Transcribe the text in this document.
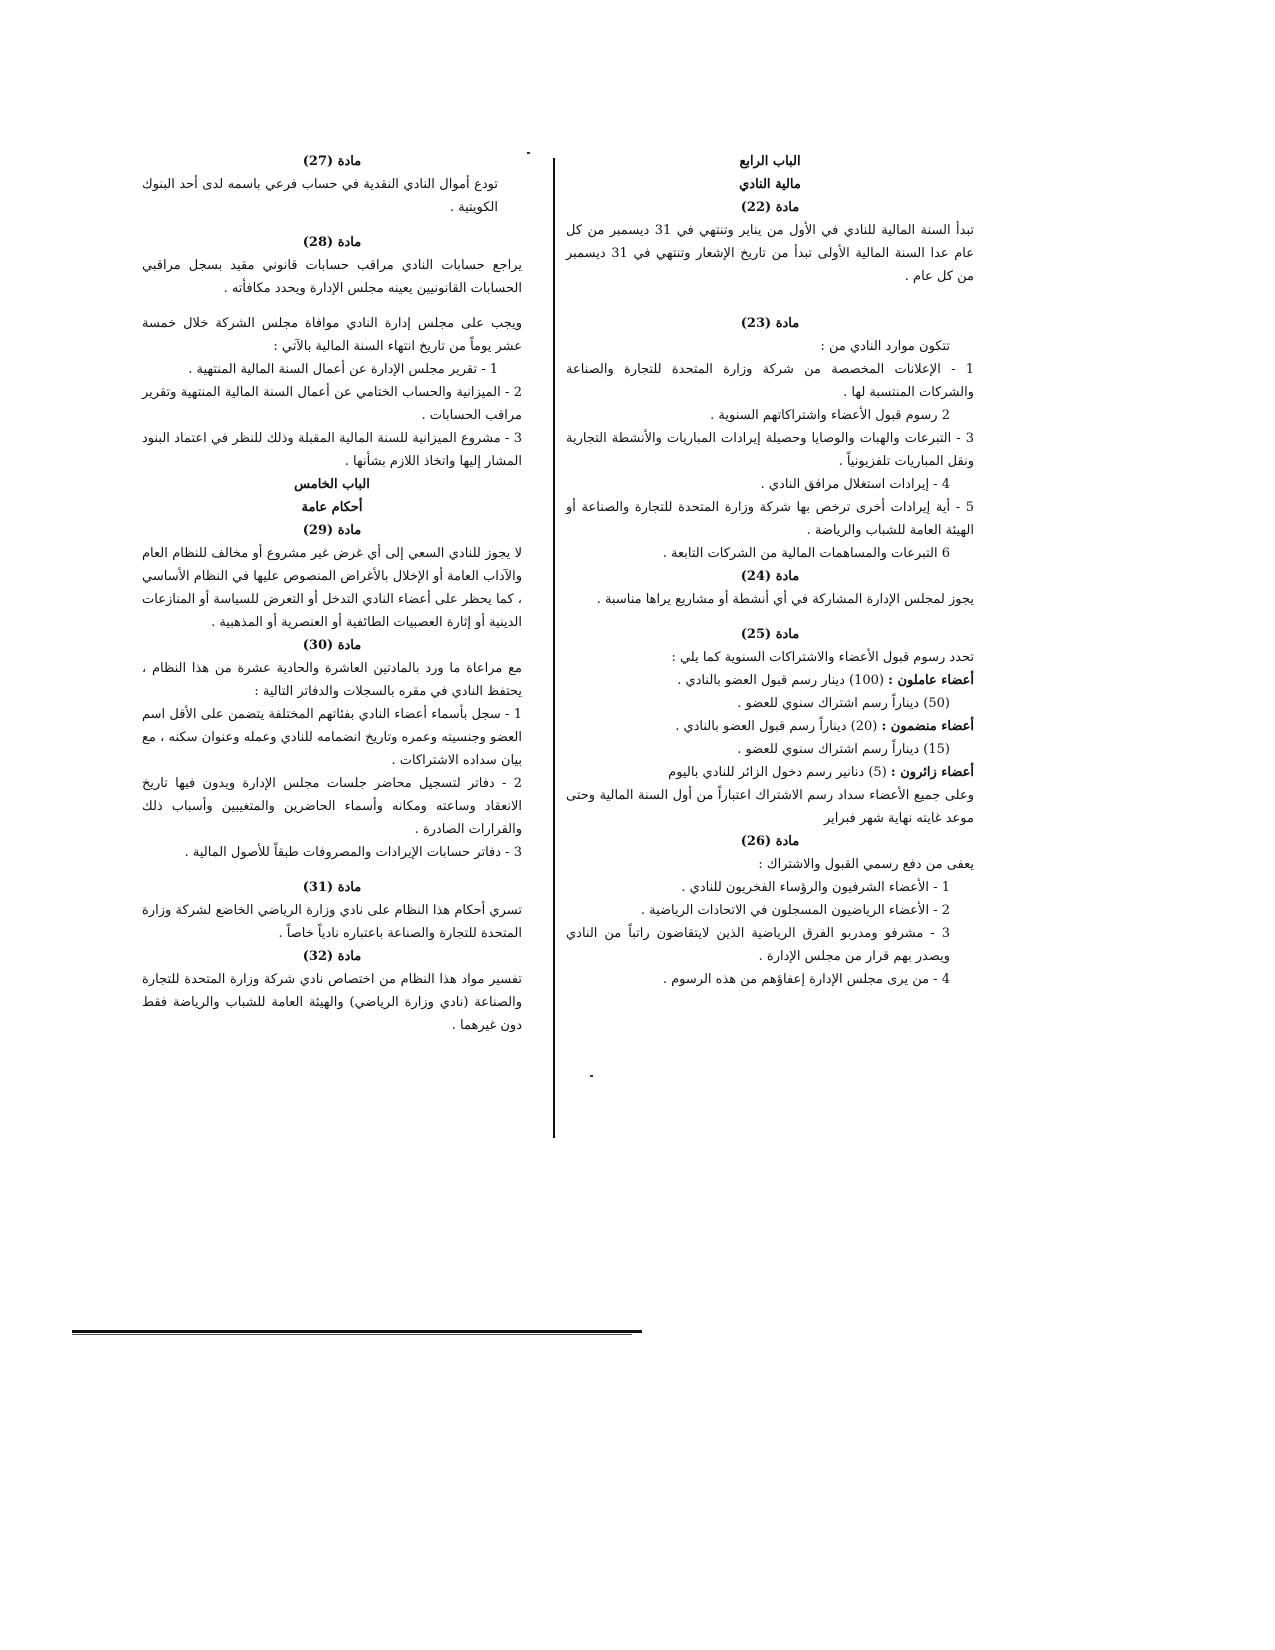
الباب الرابع

مالية النادي

مادة (22)

تبدأ السنة المالية للنادي في الأول من يناير وتنتهي في 31 ديسمبر من كل عام عدا السنة المالية الأولى تبدأ من تاريخ الإشعار وتنتهي في 31 ديسمبر من كل عام .

مادة (23)

تتكون موارد النادي من :

1 - الإعلانات المخصصة من شركة وزارة المتحدة للتجارة والصناعة والشركات المنتسبة لها .

2 رسوم قبول الأعضاء واشتراكاتهم السنوية .

3 - التبرعات والهبات والوصايا وحصيلة إيرادات المباريات والأنشطة التجارية ونقل المباريات تلفزيونياً .

4 - إيرادات استغلال مرافق النادي .

5 - أية إيرادات أخرى ترخص بها شركة وزارة المتحدة للتجارة والصناعة أو الهيئة العامة للشباب والرياضة .

6 التبرعات والمساهمات المالية من الشركات التابعة .

مادة (24)

يجوز لمجلس الإدارة المشاركة في أي أنشطة أو مشاريع يراها مناسبة .

مادة (25)

تحدد رسوم قبول الأعضاء والاشتراكات السنوية كما يلي :

أعضاء عاملون : (100) دينار رسم قبول العضو بالنادي .

(50) ديناراً رسم اشتراك سنوي للعضو .

أعضاء منضمون : (20) ديناراً رسم قبول العضو بالنادي .

(15) ديناراً رسم اشتراك سنوي للعضو .

أعضاء زائرون : (5) دنانير رسم دخول الزائر للنادي باليوم

وعلى جميع الأعضاء سداد رسم الاشتراك اعتباراً من أول السنة المالية وحتى موعد غايته نهاية شهر فبراير

مادة (26)

يعفى من دفع رسمي القبول والاشتراك :

1 - الأعضاء الشرفيون والرؤساء الفخريون للنادي .

2 - الأعضاء الرياضيون المسجلون في الاتحادات الرياضية .

3 - مشرفو ومدربو الفرق الرياضية الذين لايتقاضون راتباً من النادي ويصدر بهم قرار من مجلس الإدارة .

4 - من يرى مجلس الإدارة إعفاؤهم من هذه الرسوم .

مادة (27)

تودع أموال النادي النقدية في حساب فرعي باسمه لدى أحد البنوك الكويتية .

مادة (28)

يراجع حسابات النادي مراقب حسابات قانوني مقيد بسجل مراقبي الحسابات القانونيين يعينه مجلس الإدارة ويحدد مكافأته .

ويجب على مجلس إدارة النادي موافاة مجلس الشركة خلال خمسة عشر يوماً من تاريخ انتهاء السنة المالية بالآتي :

1 - تقرير مجلس الإدارة عن أعمال السنة المالية المنتهية .

2 - الميزانية والحساب الختامي عن أعمال السنة المالية المنتهية وتقرير مراقب الحسابات .

3 - مشروع الميزانية للسنة المالية المقبلة وذلك للنظر في اعتماد البنود المشار إليها واتخاذ اللازم بشأنها .

الباب الخامس

أحكام عامة

مادة (29)

لا يجوز للنادي السعي إلى أي غرض غير مشروع أو مخالف للنظام العام والآداب العامة أو الإخلال بالأغراض المنصوص عليها في النظام الأساسي ، كما يحظر على أعضاء النادي التدخل أو التعرض للسياسة أو المنازعات الدينية أو إثارة العصبيات الطائفية أو العنصرية أو المذهبية .

مادة (30)

مع مراعاة ما ورد بالمادتين العاشرة والحادية عشرة من هذا النظام ، يحتفظ النادي في مقره بالسجلات والدفاتر التالية :

1 - سجل بأسماء أعضاء النادي بفئاتهم المختلفة يتضمن على الأقل اسم العضو وجنسيته وعمره وتاريخ انضمامه للنادي وعمله وعنوان سكنه ، مع بيان سداده الاشتراكات .

2 - دفاتر لتسجيل محاضر جلسات مجلس الإدارة ويدون فيها تاريخ الانعقاد وساعته ومكانه وأسماء الحاضرين والمتغيبين وأسباب ذلك والقرارات الصادرة .

3 - دفاتر حسابات الإيرادات والمصروفات طبقاً للأصول المالية .

مادة (31)

تسري أحكام هذا النظام على نادي وزارة الرياضي الخاضع لشركة وزارة المتحدة للتجارة والصناعة باعتباره نادياً خاصاً .

مادة (32)

تفسير مواد هذا النظام من اختصاص نادي شركة وزارة المتحدة للتجارة والصناعة (نادي وزارة الرياضي) والهيئة العامة للشباب والرياضة فقط دون غيرهما .
